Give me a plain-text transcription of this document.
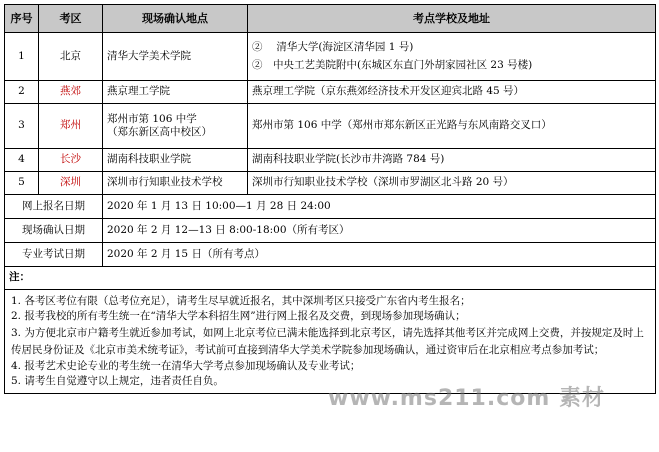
序号	考区	现场确认地点	考点学校及地址
1	北京	清华大学美术学院	②　 清华大学(海淀区清华园 1 号)
②　中央工艺美院附中(东城区东直门外胡家园社区 23 号楼)

2	燕郊	燕京理工学院	燕京理工学院（京东燕郊经济技术开发区迎宾北路 45 号）
3	郑州	郑州市第 106 中学
（郑东新区高中校区）	郑州市第 106 中学（郑州市郑东新区正光路与东风南路交叉口）
4	长沙	湖南科技职业学院	湖南科技职业学院(长沙市井湾路 784 号)
5	深圳	深圳市行知职业技术学校	深圳市行知职业技术学校（深圳市罗湖区北斗路 20 号）
网上报名日期		2020 年 1 月 13 日 10:00—1 月 28 日 24:00	
现场确认日期		2020 年 2 月 12—13 日 8:00-18:00（所有考区）	
专业考试日期		2020 年 2 月 15 日（所有考点）	
注：			

1. 各考区考位有限（总考位充足），请考生尽早就近报名，其中深圳考区只接受广东省内考生报名；
2. 报考我校的所有考生统一在“清华大学本科招生网”进行网上报名及交费，到现场参加现场确认；
3. 为方便北京市户籍考生就近参加考试，如网上北京考位已满未能选择到北京考区，请先选择其他考区并完成网上交费，并按规定及时上传居民身份证及《北京市美术统考证》，考试前可直接到清华大学美术学院参加现场确认，通过资审后在北京相应考点参加考试；
4. 报考艺术史论专业的考生统一在清华大学考点参加现场确认及专业考试；
5. 请考生自觉遵守以上规定，违者责任自负。			
www.ms211.com 素材
